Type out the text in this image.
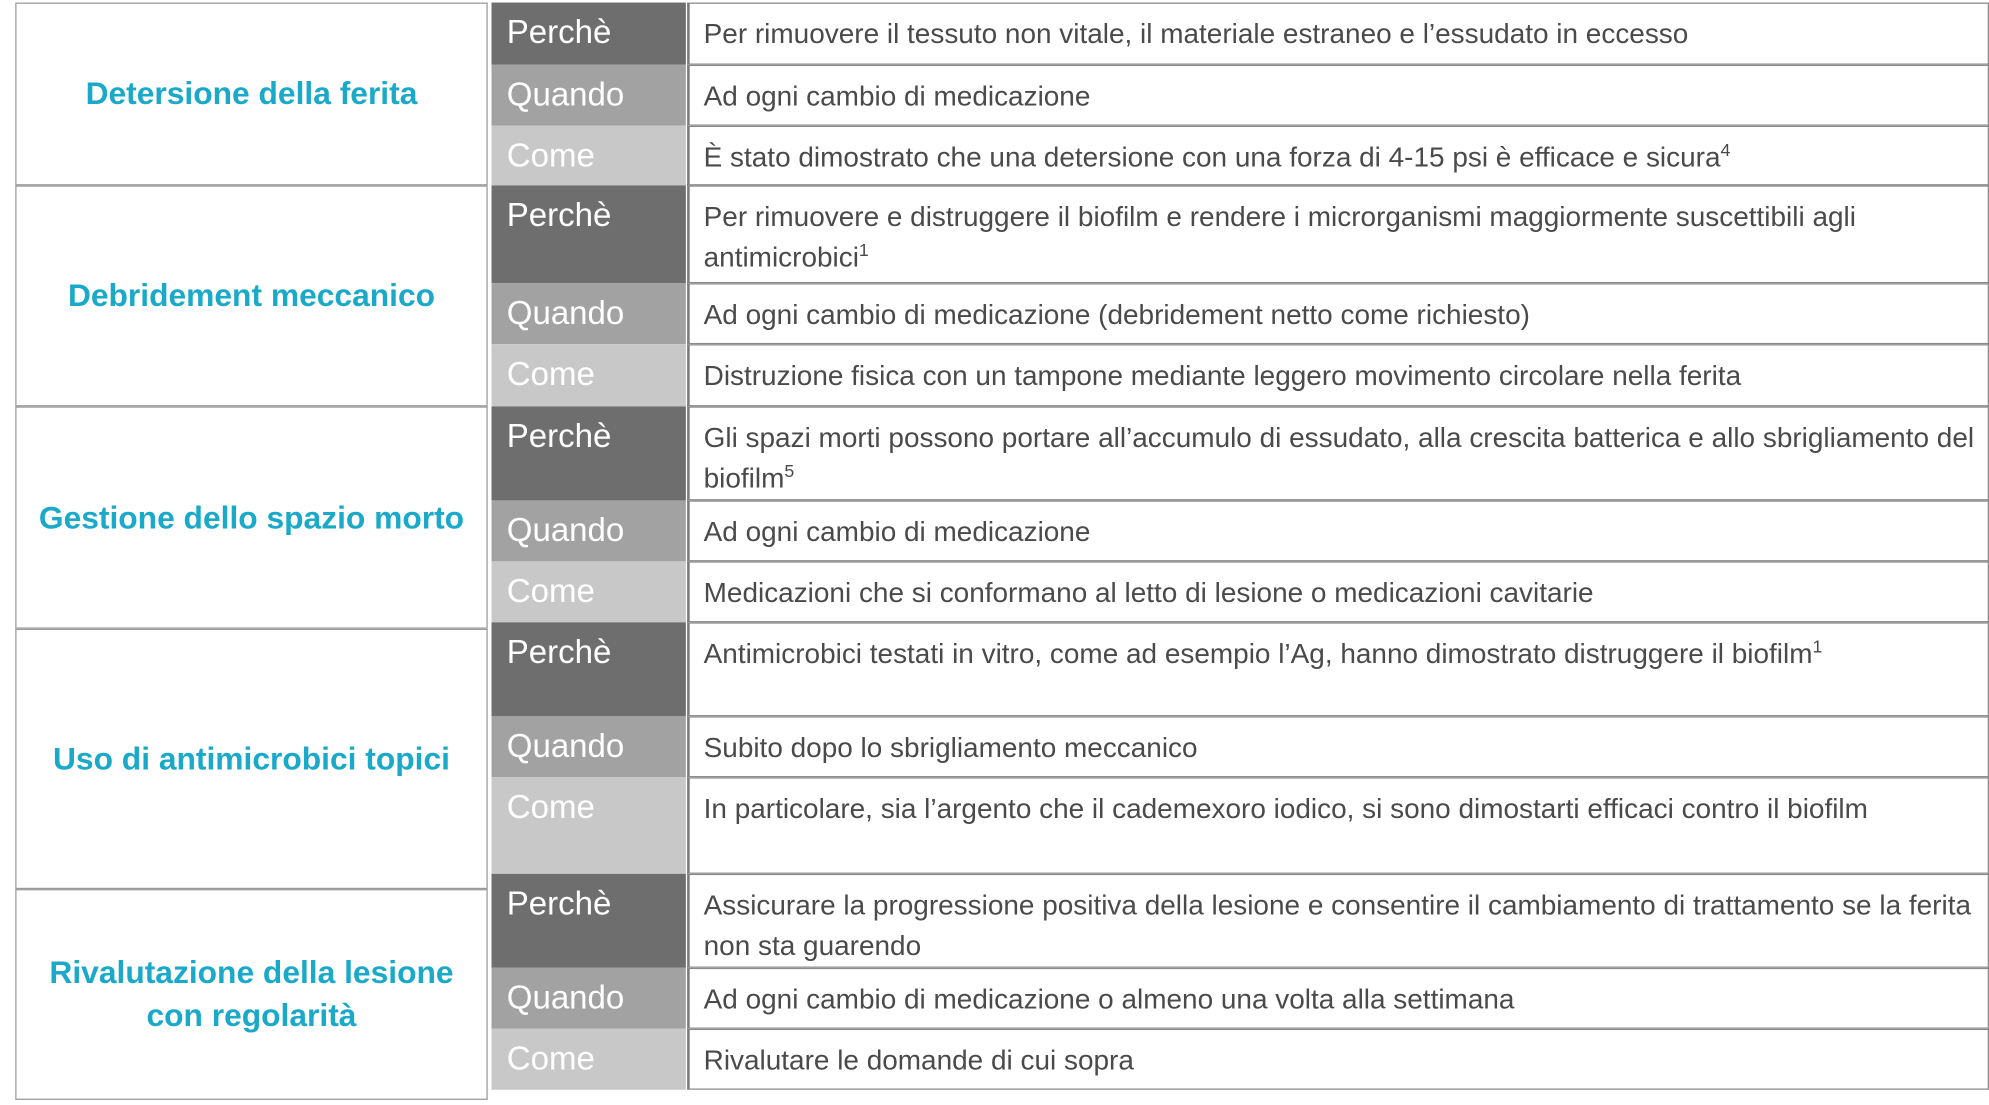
Detersione della ferita
Perchè	Per rimuovere il tessuto non vitale, il materiale estraneo e l’essudato in eccesso
Quando	Ad ogni cambio di medicazione
Come	È stato dimostrato che una detersione con una forza di 4-15 psi è efficace e sicura$^4$
Debridement meccanico
Perchè	Per rimuovere e distruggere il biofilm e rendere i microrganismi maggiormente suscettibili agli antimicrobici$^1$
Quando	Ad ogni cambio di medicazione (debridement netto come richiesto)
Come	Distruzione fisica con un tampone mediante leggero movimento circolare nella ferita
Gestione dello spazio morto
Perchè	Gli spazi morti possono portare all’accumulo di essudato, alla crescita batterica e allo sbrigliamento del biofilm$^5$
Quando	Ad ogni cambio di medicazione
Come	Medicazioni che si conformano al letto di lesione o medicazioni cavitarie
Uso di antimicrobici topici
Perchè	Antimicrobici testati in vitro, come ad esempio l’Ag, hanno dimostrato distruggere il biofilm$^1$
Quando	Subito dopo lo sbrigliamento meccanico
Come	In particolare, sia l’argento che il cademexoro iodico, si sono dimostarti efficaci contro il biofilm
Rivalutazione della lesione
con regolarità
Perchè	Assicurare la progressione positiva della lesione e consentire il cambiamento di trattamento se la ferita non sta guarendo
Quando	Ad ogni cambio di medicazione o almeno una volta alla settimana
Come	Rivalutare le domande di cui sopra
